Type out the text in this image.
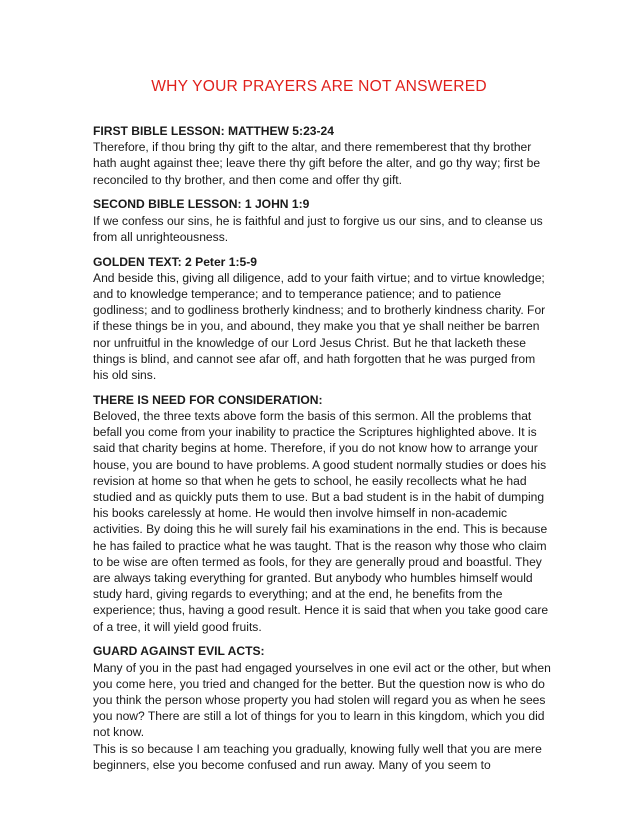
WHY YOUR PRAYERS ARE NOT ANSWERED
FIRST BIBLE LESSON: MATTHEW 5:23-24
Therefore, if thou bring thy gift to the altar, and there rememberest that thy brother hath aught against thee; leave there thy gift before the alter, and go thy way; first be reconciled to thy brother, and then come and offer thy gift.
SECOND BIBLE LESSON: 1 JOHN 1:9
If we confess our sins, he is faithful and just to forgive us our sins, and to cleanse us from all unrighteousness.
GOLDEN TEXT: 2 Peter 1:5-9
And beside this, giving all diligence, add to your faith virtue; and to virtue knowledge; and to knowledge temperance; and to temperance patience; and to patience godliness; and to godliness brotherly kindness; and to brotherly kindness charity. For if these things be in you, and abound, they make you that ye shall neither be barren nor unfruitful in the knowledge of our Lord Jesus Christ. But he that lacketh these things is blind, and cannot see afar off, and hath forgotten that he was purged from his old sins.
THERE IS NEED FOR CONSIDERATION:
Beloved, the three texts above form the basis of this sermon. All the problems that befall you come from your inability to practice the Scriptures highlighted above. It is said that charity begins at home. Therefore, if you do not know how to arrange your house, you are bound to have problems. A good student normally studies or does his revision at home so that when he gets to school, he easily recollects what he had studied and as quickly puts them to use. But a bad student is in the habit of dumping his books carelessly at home. He would then involve himself in non-academic activities. By doing this he will surely fail his examinations in the end. This is because he has failed to practice what he was taught. That is the reason why those who claim to be wise are often termed as fools, for they are generally proud and boastful. They are always taking everything for granted. But anybody who humbles himself would study hard, giving regards to everything; and at the end, he benefits from the experience; thus, having a good result. Hence it is said that when you take good care of a tree, it will yield good fruits.
GUARD AGAINST EVIL ACTS:
Many of you in the past had engaged yourselves in one evil act or the other, but when you come here, you tried and changed for the better. But the question now is who do you think the person whose property you had stolen will regard you as when he sees you now? There are still a lot of things for you to learn in this kingdom, which you did not know.
This is so because I am teaching you gradually, knowing fully well that you are mere beginners, else you become confused and run away. Many of you seem to
